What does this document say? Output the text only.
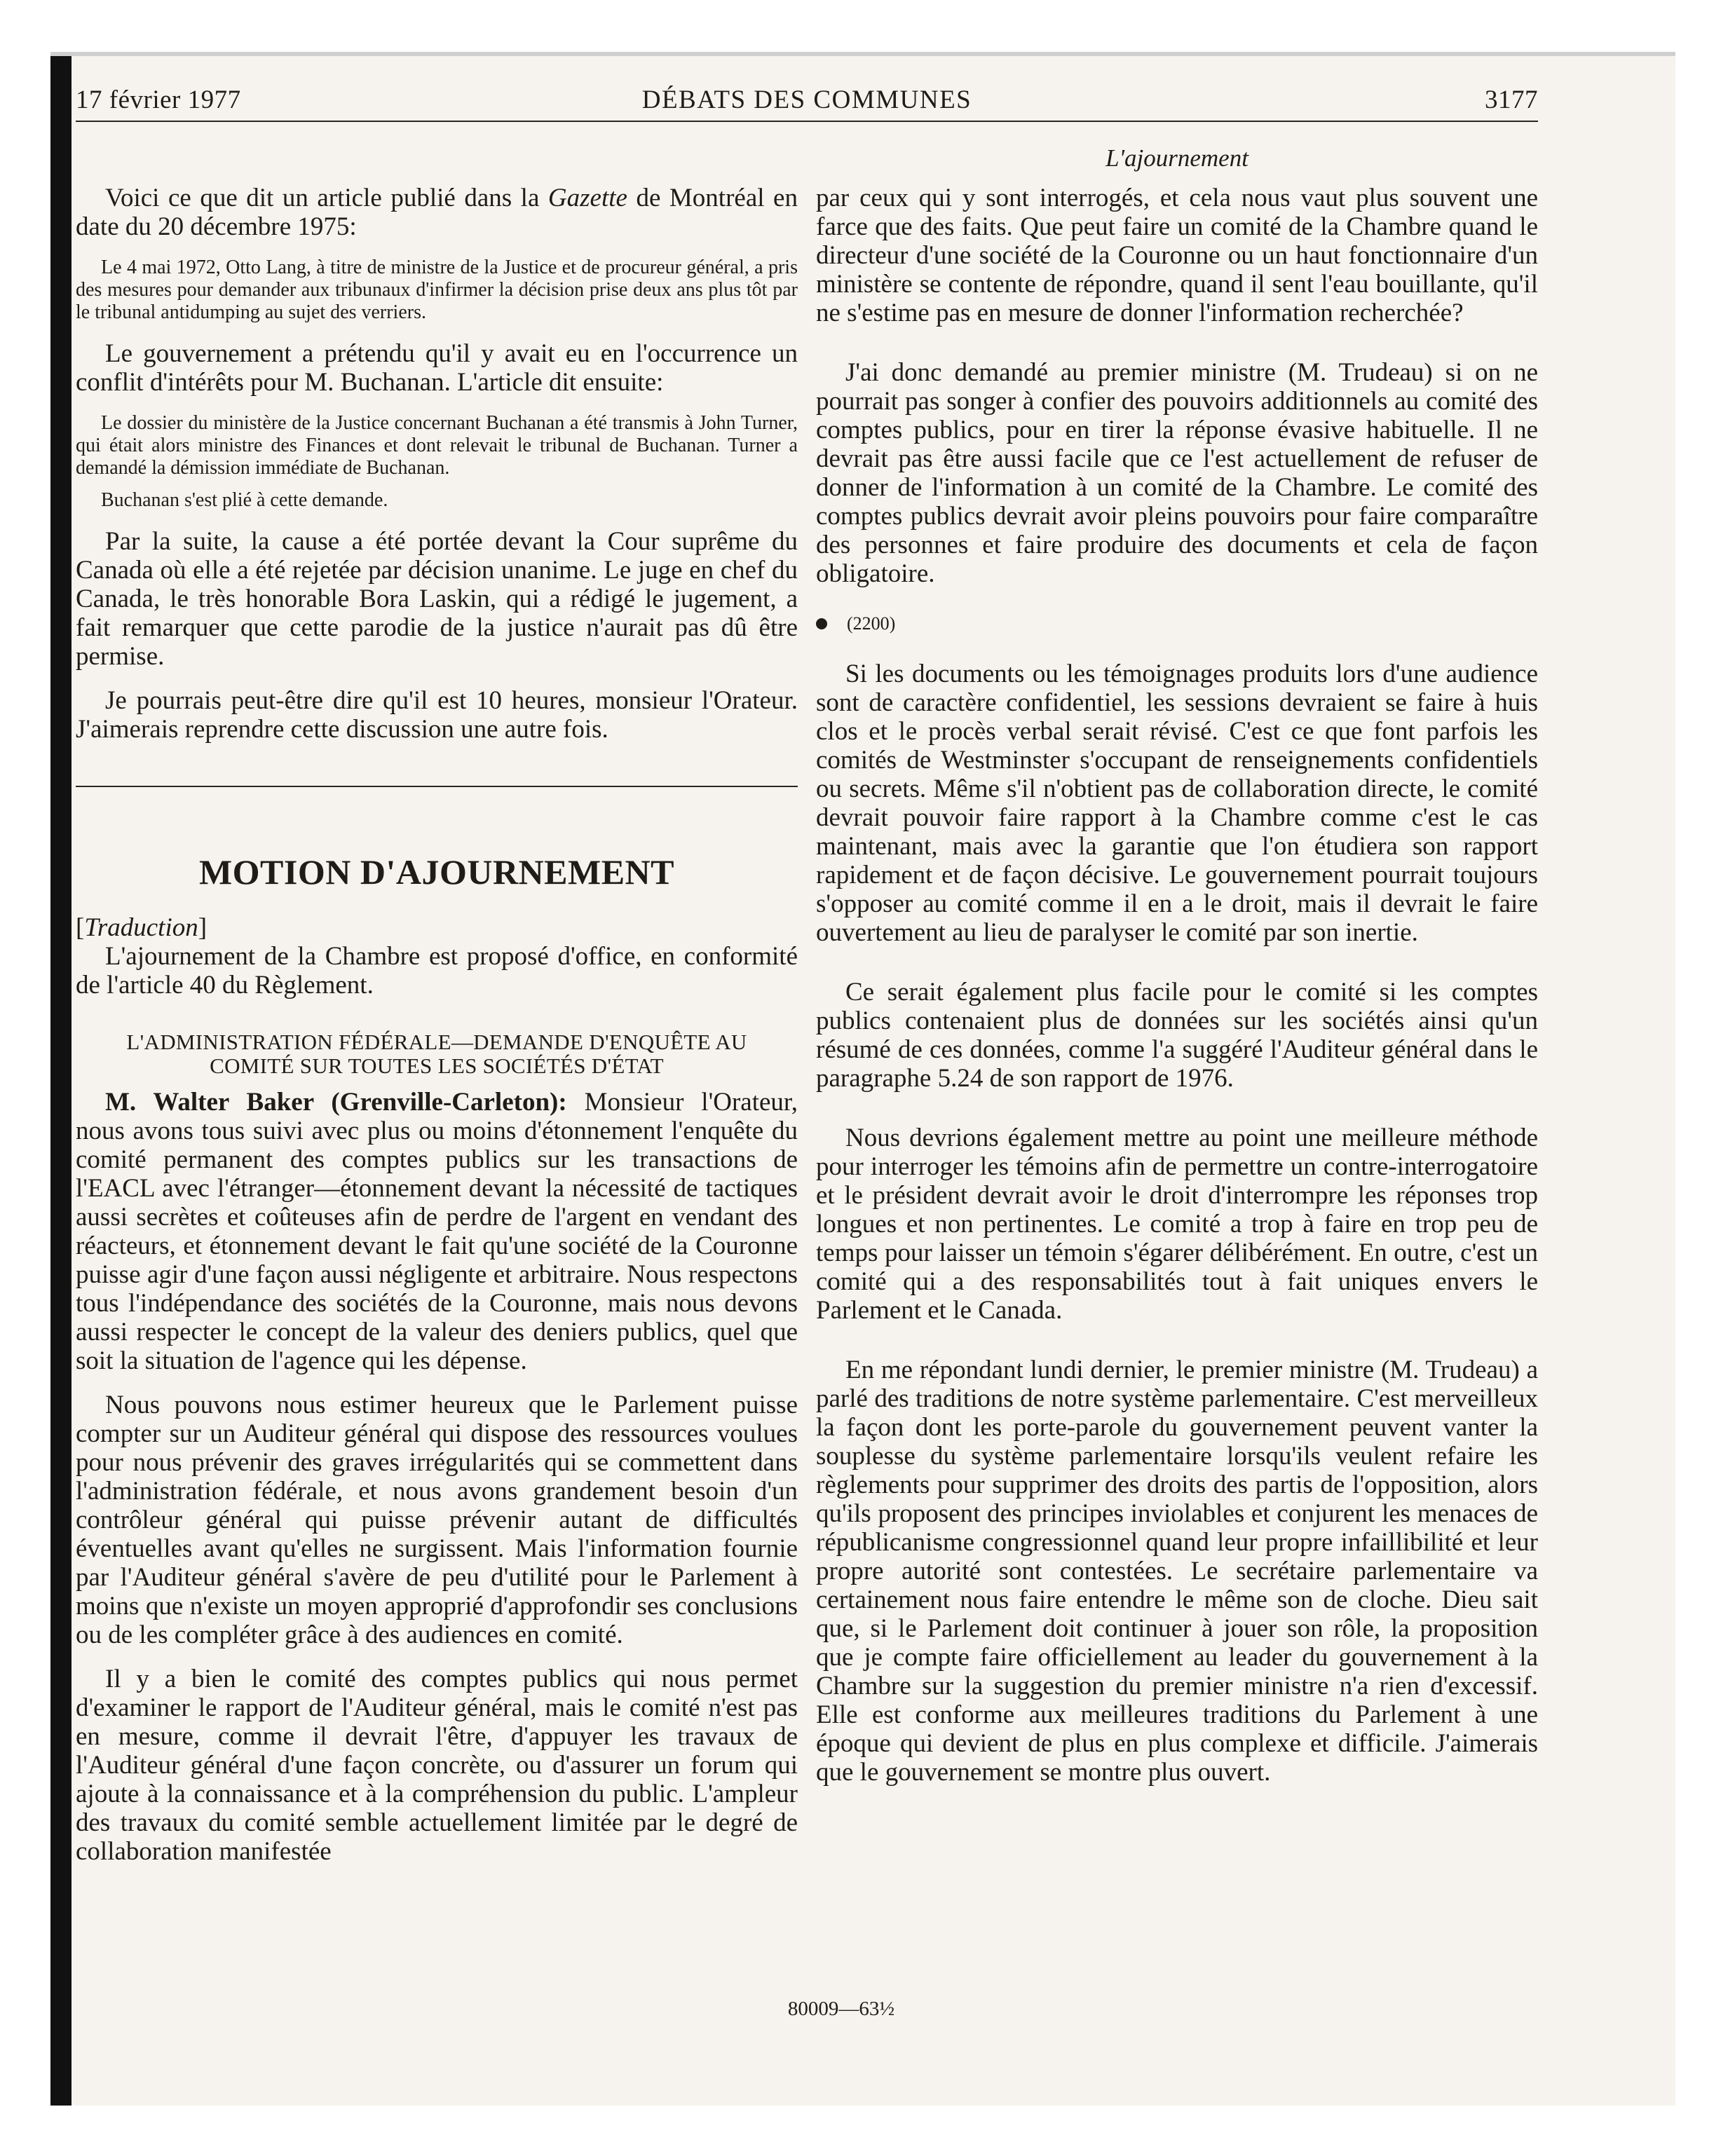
17 février 1977	DÉBATS DES COMMUNES	3177
L'ajournement

Voici ce que dit un article publié dans la Gazette de Montréal en date du 20 décembre 1975:

Le 4 mai 1972, Otto Lang, à titre de ministre de la Justice et de procureur général, a pris des mesures pour demander aux tribunaux d'infirmer la décision prise deux ans plus tôt par le tribunal antidumping au sujet des verriers.

Le gouvernement a prétendu qu'il y avait eu en l'occurrence un conflit d'intérêts pour M. Buchanan. L'article dit ensuite:

Le dossier du ministère de la Justice concernant Buchanan a été transmis à John Turner, qui était alors ministre des Finances et dont relevait le tribunal de Buchanan. Turner a demandé la démission immédiate de Buchanan.

Buchanan s'est plié à cette demande.

Par la suite, la cause a été portée devant la Cour suprême du Canada où elle a été rejetée par décision unanime. Le juge en chef du Canada, le très honorable Bora Laskin, qui a rédigé le jugement, a fait remarquer que cette parodie de la justice n'aurait pas dû être permise.

Je pourrais peut-être dire qu'il est 10 heures, monsieur l'Orateur. J'aimerais reprendre cette discussion une autre fois.

MOTION D'AJOURNEMENT

[Traduction]

L'ajournement de la Chambre est proposé d'office, en conformité de l'article 40 du Règlement.

L'ADMINISTRATION FÉDÉRALE—DEMANDE D'ENQUÊTE AU
COMITÉ SUR TOUTES LES SOCIÉTÉS D'ÉTAT

M. Walter Baker (Grenville-Carleton): Monsieur l'Orateur, nous avons tous suivi avec plus ou moins d'étonnement l'enquête du comité permanent des comptes publics sur les transactions de l'EACL avec l'étranger—étonnement devant la nécessité de tactiques aussi secrètes et coûteuses afin de perdre de l'argent en vendant des réacteurs, et étonnement devant le fait qu'une société de la Couronne puisse agir d'une façon aussi négligente et arbitraire. Nous respectons tous l'indépendance des sociétés de la Couronne, mais nous devons aussi respecter le concept de la valeur des deniers publics, quel que soit la situation de l'agence qui les dépense.

Nous pouvons nous estimer heureux que le Parlement puisse compter sur un Auditeur général qui dispose des ressources voulues pour nous prévenir des graves irrégularités qui se commettent dans l'administration fédérale, et nous avons grandement besoin d'un contrôleur général qui puisse prévenir autant de difficultés éventuelles avant qu'elles ne surgissent. Mais l'information fournie par l'Auditeur général s'avère de peu d'utilité pour le Parlement à moins que n'existe un moyen approprié d'approfondir ses conclusions ou de les compléter grâce à des audiences en comité.

Il y a bien le comité des comptes publics qui nous permet d'examiner le rapport de l'Auditeur général, mais le comité n'est pas en mesure, comme il devrait l'être, d'appuyer les travaux de l'Auditeur général d'une façon concrète, ou d'assurer un forum qui ajoute à la connaissance et à la compréhension du public. L'ampleur des travaux du comité semble actuellement limitée par le degré de collaboration manifestée

par ceux qui y sont interrogés, et cela nous vaut plus souvent une farce que des faits. Que peut faire un comité de la Chambre quand le directeur d'une société de la Couronne ou un haut fonctionnaire d'un ministère se contente de répondre, quand il sent l'eau bouillante, qu'il ne s'estime pas en mesure de donner l'information recherchée?

J'ai donc demandé au premier ministre (M. Trudeau) si on ne pourrait pas songer à confier des pouvoirs additionnels au comité des comptes publics, pour en tirer la réponse évasive habituelle. Il ne devrait pas être aussi facile que ce l'est actuellement de refuser de donner de l'information à un comité de la Chambre. Le comité des comptes publics devrait avoir pleins pouvoirs pour faire comparaître des personnes et faire produire des documents et cela de façon obligatoire.

(2200)

Si les documents ou les témoignages produits lors d'une audience sont de caractère confidentiel, les sessions devraient se faire à huis clos et le procès verbal serait révisé. C'est ce que font parfois les comités de Westminster s'occupant de renseignements confidentiels ou secrets. Même s'il n'obtient pas de collaboration directe, le comité devrait pouvoir faire rapport à la Chambre comme c'est le cas maintenant, mais avec la garantie que l'on étudiera son rapport rapidement et de façon décisive. Le gouvernement pourrait toujours s'opposer au comité comme il en a le droit, mais il devrait le faire ouvertement au lieu de paralyser le comité par son inertie.

Ce serait également plus facile pour le comité si les comptes publics contenaient plus de données sur les sociétés ainsi qu'un résumé de ces données, comme l'a suggéré l'Auditeur général dans le paragraphe 5.24 de son rapport de 1976.

Nous devrions également mettre au point une meilleure méthode pour interroger les témoins afin de permettre un contre-interrogatoire et le président devrait avoir le droit d'interrompre les réponses trop longues et non pertinentes. Le comité a trop à faire en trop peu de temps pour laisser un témoin s'égarer délibérément. En outre, c'est un comité qui a des responsabilités tout à fait uniques envers le Parlement et le Canada.

En me répondant lundi dernier, le premier ministre (M. Trudeau) a parlé des traditions de notre système parlementaire. C'est merveilleux la façon dont les porte-parole du gouvernement peuvent vanter la souplesse du système parlementaire lorsqu'ils veulent refaire les règlements pour supprimer des droits des partis de l'opposition, alors qu'ils proposent des principes inviolables et conjurent les menaces de républicanisme congressionnel quand leur propre infaillibilité et leur propre autorité sont contestées. Le secrétaire parlementaire va certainement nous faire entendre le même son de cloche. Dieu sait que, si le Parlement doit continuer à jouer son rôle, la proposition que je compte faire officiellement au leader du gouvernement à la Chambre sur la suggestion du premier ministre n'a rien d'excessif. Elle est conforme aux meilleures traditions du Parlement à une époque qui devient de plus en plus complexe et difficile. J'aimerais que le gouvernement se montre plus ouvert.

80009—63½
